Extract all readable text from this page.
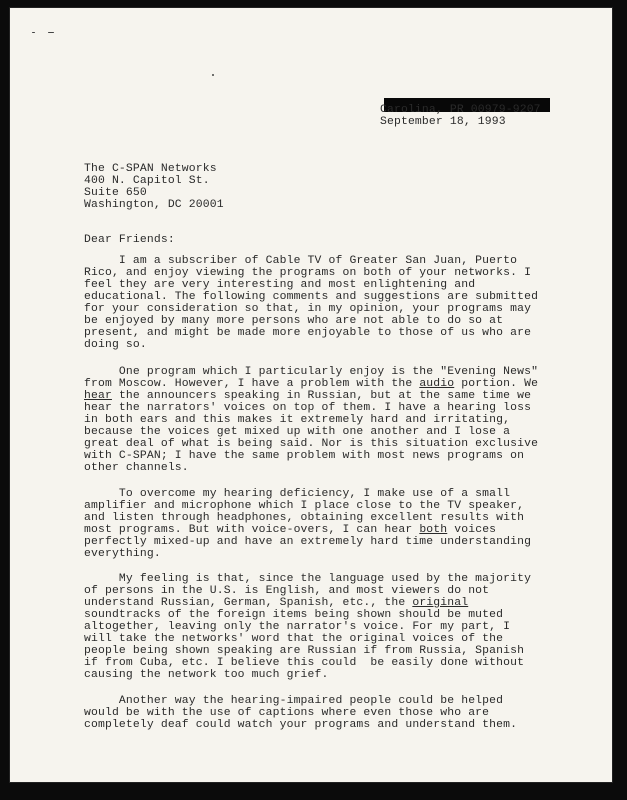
Carolina, PR 00979-9207
September 18, 1993
The C-SPAN Networks
400 N. Capitol St.
Suite 650
Washington, DC 20001
Dear Friends:
I am a subscriber of Cable TV of Greater San Juan, Puerto
Rico, and enjoy viewing the programs on both of your networks. I
feel they are very interesting and most enlightening and
educational. The following comments and suggestions are submitted
for your consideration so that, in my opinion, your programs may
be enjoyed by many more persons who are not able to do so at
present, and might be made more enjoyable to those of us who are
doing so.
One program which I particularly enjoy is the "Evening News"
from Moscow. However, I have a problem with the audio portion. We
hear the announcers speaking in Russian, but at the same time we
hear the narrators' voices on top of them. I have a hearing loss
in both ears and this makes it extremely hard and irritating,
because the voices get mixed up with one another and I lose a
great deal of what is being said. Nor is this situation exclusive
with C-SPAN; I have the same problem with most news programs on
other channels.
To overcome my hearing deficiency, I make use of a small
amplifier and microphone which I place close to the TV speaker,
and listen through headphones, obtaining excellent results with
most programs. But with voice-overs, I can hear both voices
perfectly mixed-up and have an extremely hard time understanding
everything.
My feeling is that, since the language used by the majority
of persons in the U.S. is English, and most viewers do not
understand Russian, German, Spanish, etc., the original
soundtracks of the foreign items being shown should be muted
altogether, leaving only the narrator's voice. For my part, I
will take the networks' word that the original voices of the
people being shown speaking are Russian if from Russia, Spanish
if from Cuba, etc. I believe this could  be easily done without
causing the network too much grief.
Another way the hearing-impaired people could be helped
would be with the use of captions where even those who are
completely deaf could watch your programs and understand them.
